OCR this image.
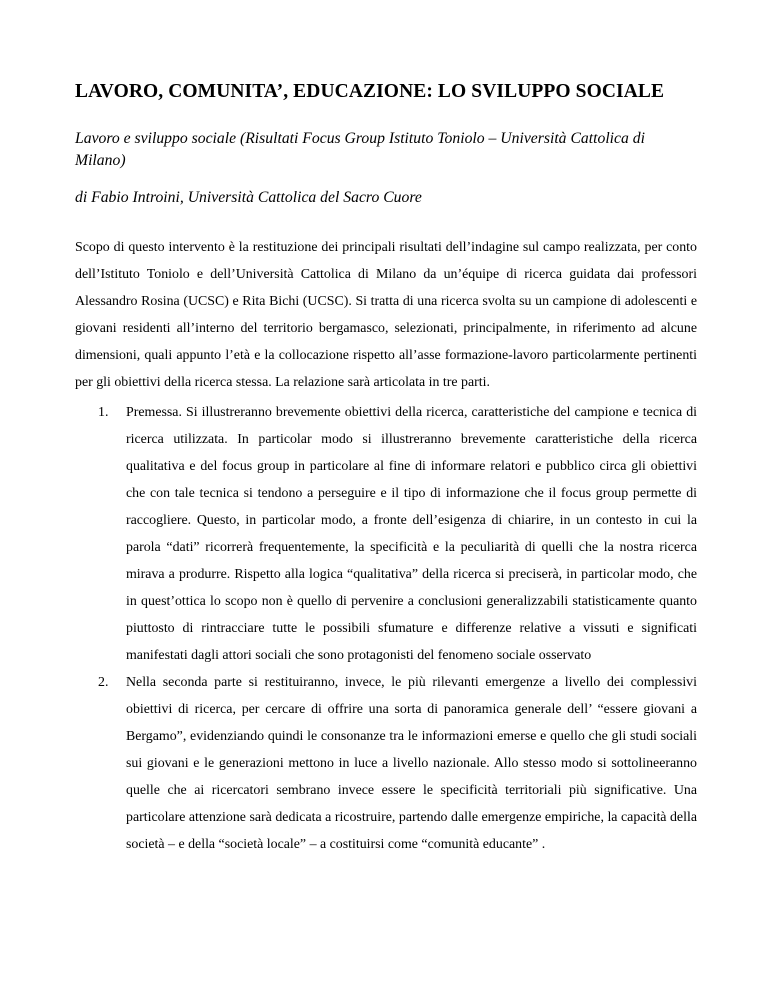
LAVORO, COMUNITA’, EDUCAZIONE: LO SVILUPPO SOCIALE
Lavoro e sviluppo sociale (Risultati Focus Group Istituto Toniolo – Università Cattolica di Milano)
di Fabio Introini, Università Cattolica del Sacro Cuore

Scopo di questo intervento è la restituzione dei principali risultati dell’indagine sul campo realizzata, per conto dell’Istituto Toniolo e dell’Università Cattolica di Milano da un’équipe di ricerca guidata dai professori Alessandro Rosina (UCSC) e Rita Bichi (UCSC). Si tratta di una ricerca svolta su un campione di adolescenti e giovani residenti all’interno del territorio bergamasco, selezionati, principalmente, in riferimento ad alcune dimensioni, quali appunto l’età e la collocazione rispetto all’asse formazione-lavoro particolarmente pertinenti per gli obiettivi della ricerca stessa. La relazione sarà articolata in tre parti.

1. Premessa. Si illustreranno brevemente obiettivi della ricerca, caratteristiche del campione e tecnica di ricerca utilizzata. In particolar modo si illustreranno brevemente caratteristiche della ricerca qualitativa e del focus group in particolare al fine di informare relatori e pubblico circa gli obiettivi che con tale tecnica si tendono a perseguire e il tipo di informazione che il focus group permette di raccogliere. Questo, in particolar modo, a fronte dell’esigenza di chiarire, in un contesto in cui la parola “dati” ricorrerà frequentemente, la specificità e la peculiarità di quelli che la nostra ricerca mirava a produrre. Rispetto alla logica “qualitativa” della ricerca si preciserà, in particolar modo, che in quest’ottica lo scopo non è quello di pervenire a conclusioni generalizzabili statisticamente quanto piuttosto di rintracciare tutte le possibili sfumature e differenze relative a vissuti e significati manifestati dagli attori sociali che sono protagonisti del fenomeno sociale osservato
2. Nella seconda parte si restituiranno, invece, le più rilevanti emergenze a livello dei complessivi obiettivi di ricerca, per cercare di offrire una sorta di panoramica generale dell’ “essere giovani a Bergamo”, evidenziando quindi le consonanze tra le informazioni emerse e quello che gli studi sociali sui giovani e le generazioni mettono in luce a livello nazionale. Allo stesso modo si sottolineeranno quelle che ai ricercatori sembrano invece essere le specificità territoriali più significative. Una particolare attenzione sarà dedicata a ricostruire, partendo dalle emergenze empiriche, la capacità della società – e della “società locale” – a costituirsi come “comunità educante” .
